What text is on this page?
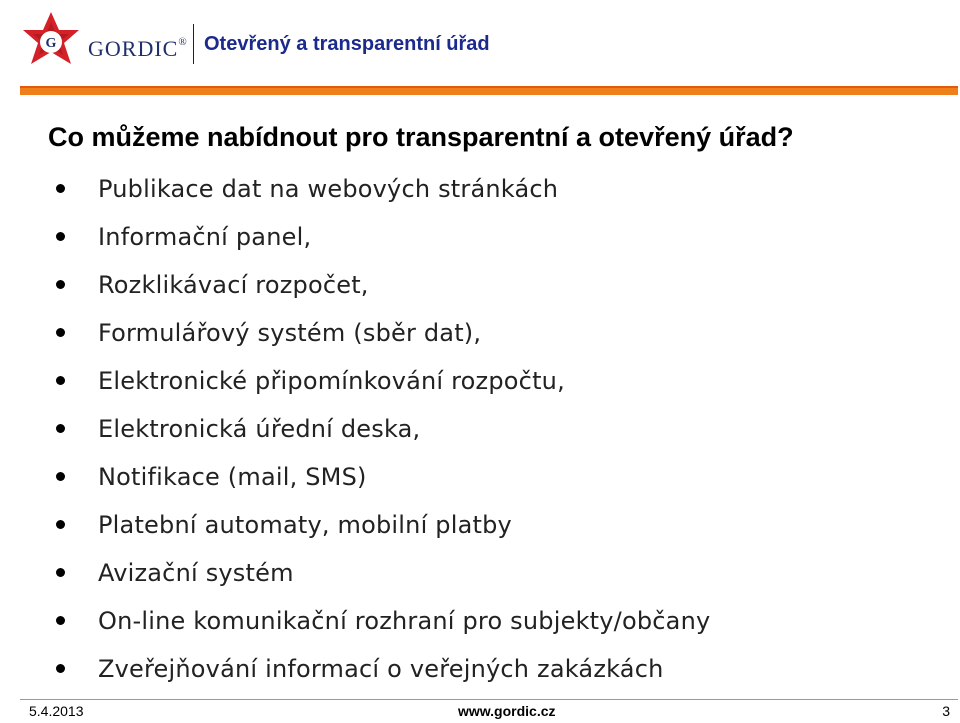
G GORDIC® Otevřený a transparentní úřad
Co můžeme nabídnout pro transparentní a otevřený úřad?
Publikace dat na webových stránkách
Informační panel,
Rozklikávací rozpočet,
Formulářový systém (sběr dat),
Elektronické připomínkování rozpočtu,
Elektronická úřední deska,
Notifikace (mail, SMS)
Platební automaty, mobilní platby
Avizační systém
On-line komunikační rozhraní pro subjekty/občany
Zveřejňování informací o veřejných zakázkách
5.4.2013	www.gordic.cz	3
